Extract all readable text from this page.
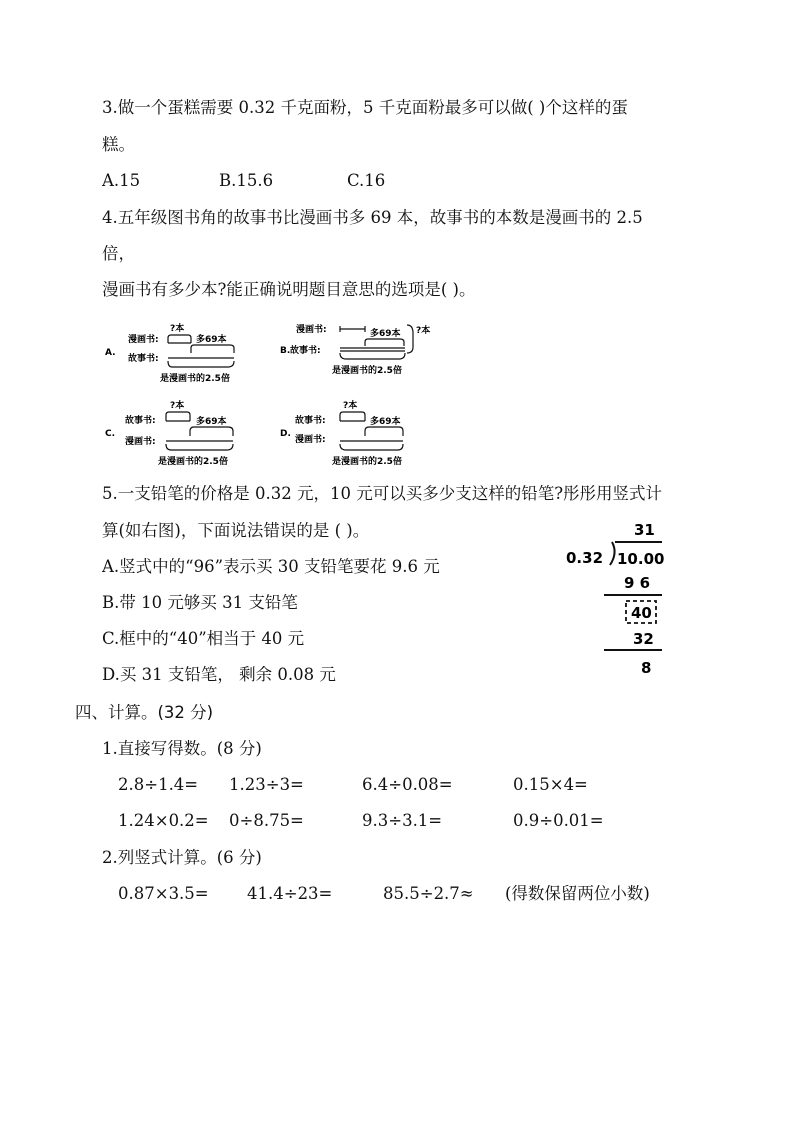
3.做一个蛋糕需要 0.32 千克面粉，5 千克面粉最多可以做( )个这样的蛋
糕。
A.15	B.15.6	C.16
4.五年级图书角的故事书比漫画书多 69 本，故事书的本数是漫画书的 2.5
倍，
漫画书有多少本?能正确说明题目意思的选项是( )。
A.
漫画书:
故事书:
?本
多69本
是漫画书的2.5倍
漫画书:
B. 故事书:
多69本 ?本
是漫画书的2.5倍
C.
故事书:
漫画书:
?本
多69本
是漫画书的2.5倍
D.
故事书:
漫画书:
?本
多69本
是漫画书的2.5倍
5.一支铅笔的价格是 0.32 元，10 元可以买多少支这样的铅笔?彤彤用竖式计
算(如右图)，下面说法错误的是 ( )。
A.竖式中的“96”表示买 30 支铅笔要花 9.6 元
B.带 10 元够买 31 支铅笔
C.框中的“40”相当于 40 元
D.买 31 支铅笔， 剩余 0.08 元
31
0.32 10.00
9 6
40
32
8
四、计算。(32 分)
1.直接写得数。(8 分)
2.8÷1.4= 1.23÷3=	6.4÷0.08=	0.15×4=
1.24×0.2= 0÷8.75=	9.3÷3.1=	0.9÷0.01=
2.列竖式计算。(6 分)
0.87×3.5= 41.4÷23=	85.5÷2.7≈ (得数保留两位小数)
